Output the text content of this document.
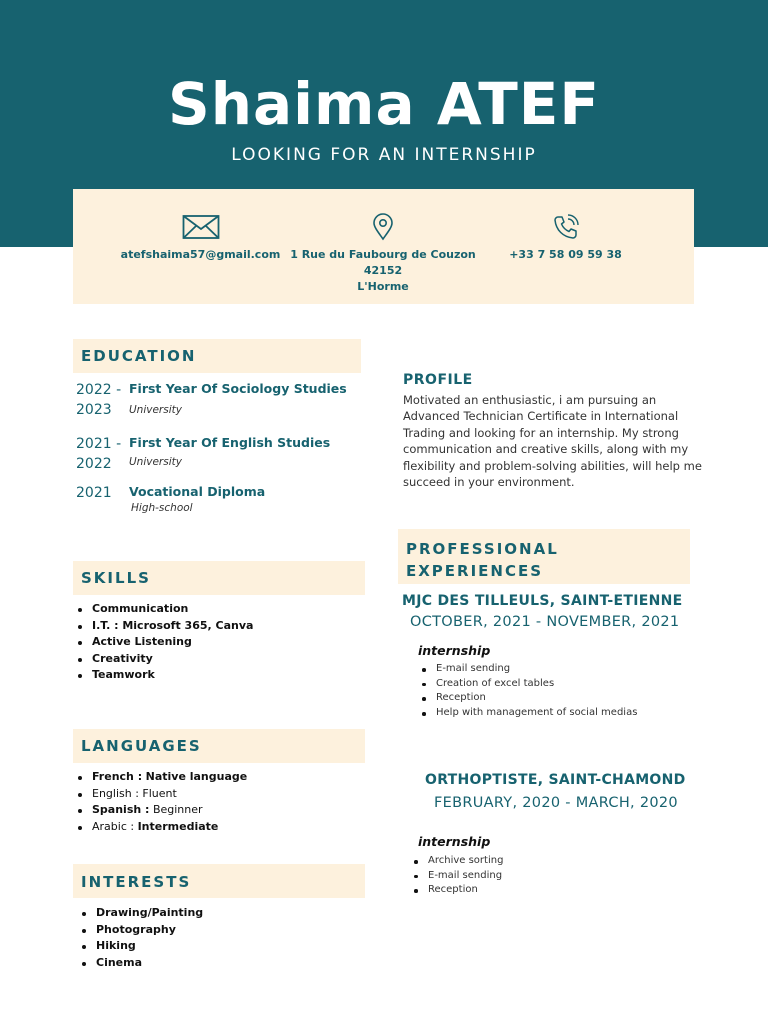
Shaima ATEF
LOOKING FOR AN INTERNSHIP
atefshaima57@gmail.com 1 Rue du Faubourg de Couzon
42152
L'Horme
+33 7 58 09 59 38
EDUCATION
2022 -
2023
First Year Of Sociology Studies
University
2021 -
2022
First Year Of English Studies
University
2021	Vocational Diploma
High-school
SKILLS
Communication
I.T. : Microsoft 365, Canva
Active Listening
Creativity
Teamwork
LANGUAGES
French : Native language
English : Fluent
Spanish : Beginner
Arabic : Intermediate
INTERESTS
Drawing/Painting
Photography
Hiking
Cinema
PROFILE
Motivated an enthusiastic, i am pursuing an Advanced Technician Certificate in International Trading and looking for an internship. My strong communication and creative skills, along with my flexibility and problem-solving abilities, will help me succeed in your environment.
PROFESSIONAL
EXPERIENCES
MJC DES TILLEULS, SAINT-ETIENNE
OCTOBER, 2021 - NOVEMBER, 2021
internship
E-mail sending
Creation of excel tables
Reception
Help with management of social medias
ORTHOPTISTE, SAINT-CHAMOND
FEBRUARY, 2020 - MARCH, 2020
internship
Archive sorting
E-mail sending
Reception
